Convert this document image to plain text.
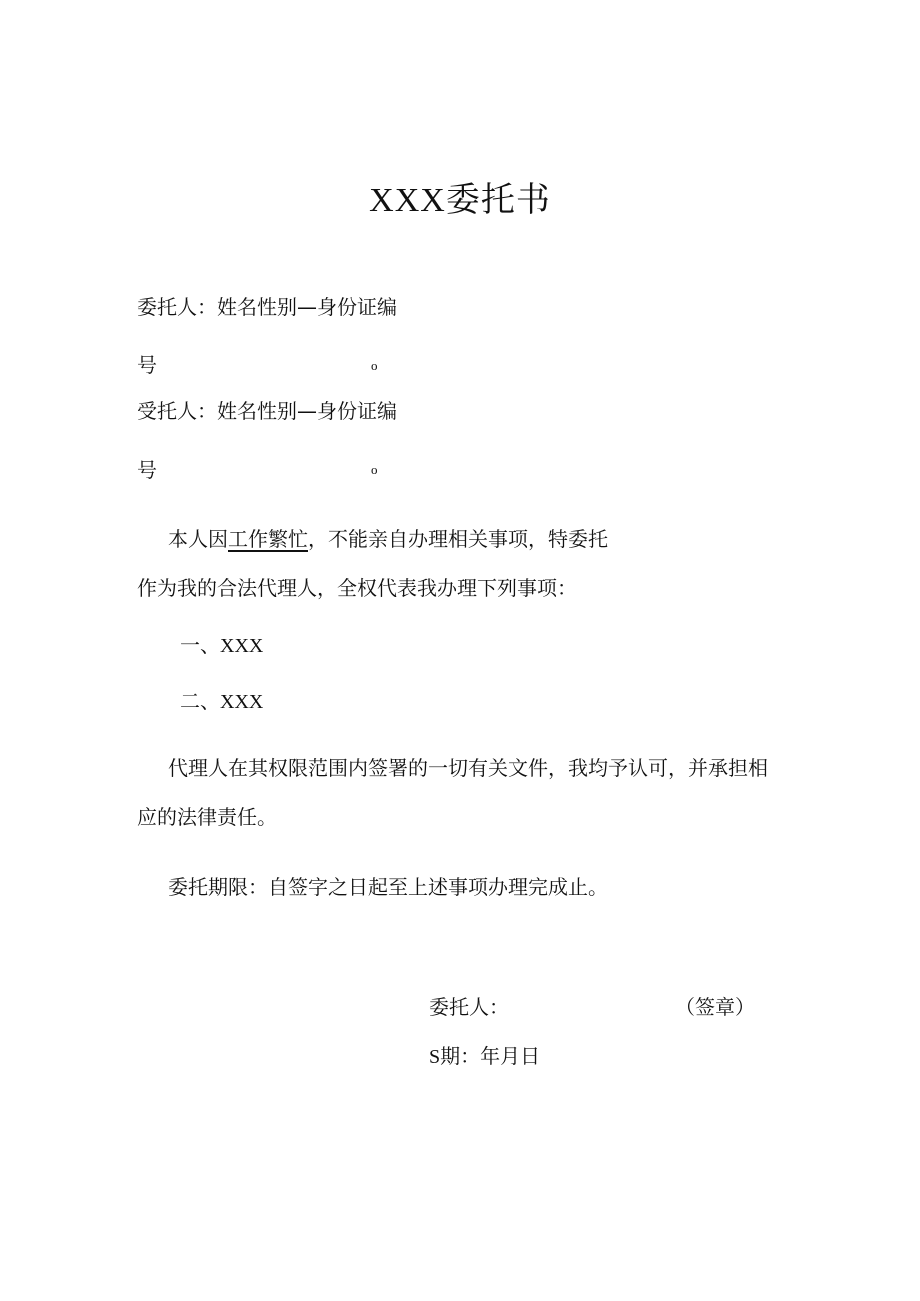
XXX委托书
委托人：姓名性别—身份证编
号	o
受托人：姓名性别—身份证编
号	o
本人因工作繁忙，不能亲自办理相关事项，特委托
作为我的合法代理人，全权代表我办理下列事项：
一、XXX
二、XXX
代理人在其权限范围内签署的一切有关文件，我均予认可，并承担相
应的法律责任。
委托期限：自签字之日起至上述事项办理完成止。
委托人：	（签章）
S期：年月日
